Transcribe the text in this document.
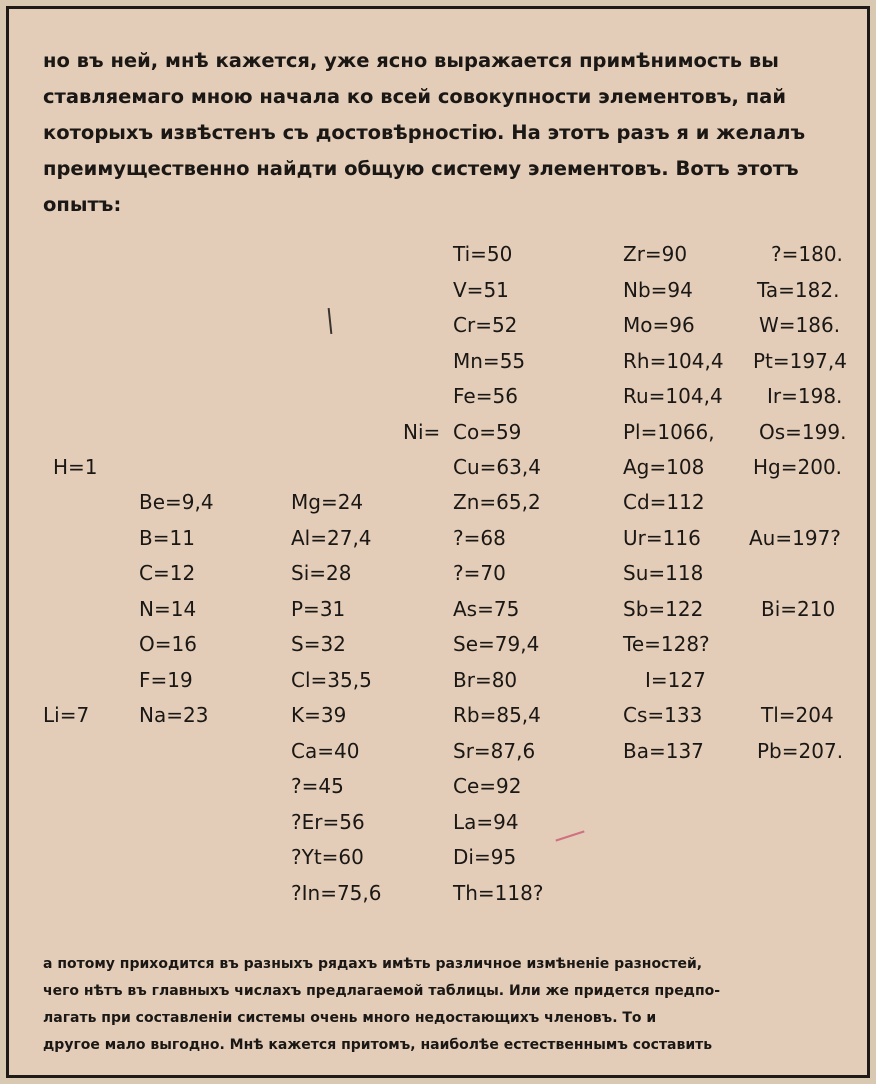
но въ ней, мнѣ кажется, уже ясно выражается примѣнимость вы

ставляемаго мною начала ко всей совокупности элементовъ, пай

которыхъ извѣстенъ съ достовѣрностію. На этотъ разъ я и желалъ

преимущественно найдти общую систему элементовъ. Вотъ этотъ

опытъ:

H=1
Li=7
Ni=
Be=9,4
B=11
C=12
N=14
O=16
F=19
Na=23
Mg=24
Al=27,4
Si=28
P=31
S=32
Cl=35,5
K=39
Ca=40
?=45
?Er=56
?Yt=60
?In=75,6
Ti=50
V=51
Cr=52
Mn=55
Fe=56
Co=59
Cu=63,4
Zn=65,2
?=68
?=70
As=75
Se=79,4
Br=80
Rb=85,4
Sr=87,6
Ce=92
La=94
Di=95
Th=118?
Zr=90
Nb=94
Mo=96
Rh=104,4
Ru=104,4
Pl=1066,
Ag=108
Cd=112
Ur=116
Su=118
Sb=122
Te=128?
I=127
Cs=133
Ba=137
?=180.
Ta=182.
W=186.
Pt=197,4
Ir=198.
Os=199.
Hg=200.
Au=197?
Bi=210
Tl=204
Pb=207.

а потому приходится въ разныхъ рядахъ имѣть различное измѣненіе разностей,

чего нѣтъ въ главныхъ числахъ предлагаемой таблицы. Или же придется предпо-

лагать при составленіи системы очень много недостающихъ членовъ. То и

другое мало выгодно. Мнѣ кажется притомъ, наиболѣе естественнымъ составить
